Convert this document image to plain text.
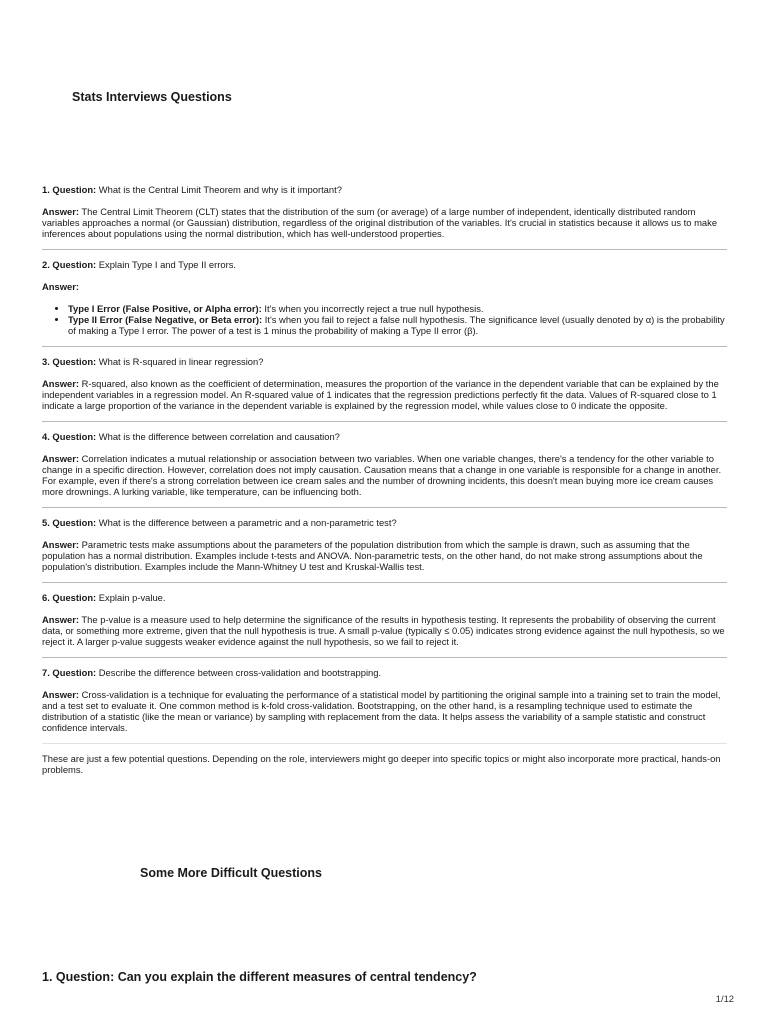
Stats Interviews Questions

1. Question: What is the Central Limit Theorem and why is it important?

Answer: The Central Limit Theorem (CLT) states that the distribution of the sum (or average) of a large number of independent, identically distributed random variables approaches a normal (or Gaussian) distribution, regardless of the original distribution of the variables. It's crucial in statistics because it allows us to make inferences about populations using the normal distribution, which has well-understood properties.

2. Question: Explain Type I and Type II errors.

Answer:

• Type I Error (False Positive, or Alpha error): It's when you incorrectly reject a true null hypothesis.
• Type II Error (False Negative, or Beta error): It's when you fail to reject a false null hypothesis. The significance level (usually denoted by α) is the probability of making a Type I error. The power of a test is 1 minus the probability of making a Type II error (β).

3. Question: What is R-squared in linear regression?

Answer: R-squared, also known as the coefficient of determination, measures the proportion of the variance in the dependent variable that can be explained by the independent variables in a regression model. An R-squared value of 1 indicates that the regression predictions perfectly fit the data. Values of R-squared close to 1 indicate a large proportion of the variance in the dependent variable is explained by the regression model, while values close to 0 indicate the opposite.

4. Question: What is the difference between correlation and causation?

Answer: Correlation indicates a mutual relationship or association between two variables. When one variable changes, there's a tendency for the other variable to change in a specific direction. However, correlation does not imply causation. Causation means that a change in one variable is responsible for a change in another. For example, even if there's a strong correlation between ice cream sales and the number of drowning incidents, this doesn't mean buying more ice cream causes more drownings. A lurking variable, like temperature, can be influencing both.

5. Question: What is the difference between a parametric and a non-parametric test?

Answer: Parametric tests make assumptions about the parameters of the population distribution from which the sample is drawn, such as assuming that the population has a normal distribution. Examples include t-tests and ANOVA. Non-parametric tests, on the other hand, do not make strong assumptions about the population's distribution. Examples include the Mann-Whitney U test and Kruskal-Wallis test.

6. Question: Explain p-value.

Answer: The p-value is a measure used to help determine the significance of the results in hypothesis testing. It represents the probability of observing the current data, or something more extreme, given that the null hypothesis is true. A small p-value (typically ≤ 0.05) indicates strong evidence against the null hypothesis, so we reject it. A larger p-value suggests weaker evidence against the null hypothesis, so we fail to reject it.

7. Question: Describe the difference between cross-validation and bootstrapping.

Answer: Cross-validation is a technique for evaluating the performance of a statistical model by partitioning the original sample into a training set to train the model, and a test set to evaluate it. One common method is k-fold cross-validation. Bootstrapping, on the other hand, is a resampling technique used to estimate the distribution of a statistic (like the mean or variance) by sampling with replacement from the data. It helps assess the variability of a sample statistic and construct confidence intervals.

These are just a few potential questions. Depending on the role, interviewers might go deeper into specific topics or might also incorporate more practical, hands-on problems.

Some More Difficult Questions
1. Question: Can you explain the different measures of central tendency?
1/12
